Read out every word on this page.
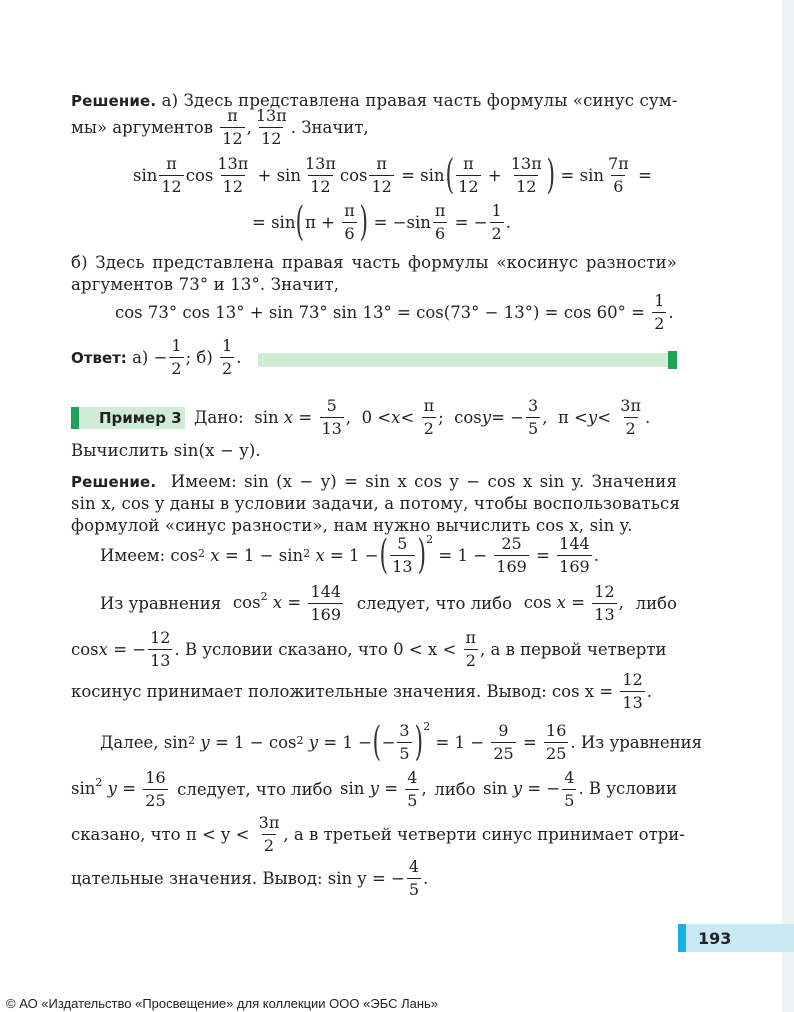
Решение. а) Здесь представлена правая часть формулы «синус сум-
мы» аргументов
$\frac{\pi}{12}$ , $\frac{13\pi}{12}$ . Значит,
$\sin \frac{\pi}{12}$ $\cos \frac{13\pi}{12} + \sin \frac{13\pi}{12}$ $\cos \frac{\pi}{12} = \sin$ ( $\frac{\pi}{12} + \frac{13\pi}{12}$ ) = $\sin \frac{7\pi}{6}$ =
= sin ( $\pi + \frac{\pi}{6}$ ) = $-\sin \frac{\pi}{6}$ = − $\frac{1}{2}$ .
б) Здесь представлена правая часть формулы «косинус разности»
аргументов 73° и 13°. Значит,
cos 73° cos 13° + sin 73° sin 13° = cos(73° − 13°) = cos 60° =
$\frac{1}{2}$ .
Ответ:
$а) - \frac{1}{2}$ ; б)
$\frac{1}{2}$ .
Пример 3 Дано: $\sin x = \frac{5}{13}$ ,  $0 < x < \frac{\pi}{2}$ ;  cos y = − $\frac{3}{5}$ ,  $\pi < y < \frac{3\pi}{2}$ .
Вычислить sin(x − y).
Решение. Имеем: sin (x − y) = sin x cos y − cos x sin y. Значения
sin x, cos y даны в условии задачи, а потому, чтобы воспользоваться
формулой «синус разности», нам нужно вычислить cos x, sin y.
Имеем: $\cos^2$
$x = 1 - \sin^2$
x = 1 − ( $\frac{5}{13} )^2$
= $1 - \frac{25}{169} = \frac{144}{169}$ .
Из уравнения $\cos^2 x = \frac{144}{169}$ следует, что либо $\cos x = \frac{12}{13}$ , либо
cos x = − $\frac{12}{13}$ . В условии сказано, что 0 < x <
$\frac{\pi}{2}$ , а в первой четверти
косинус принимает положительные значения. Вывод: cos x =
$\frac{12}{13}$ .
Далее, $\sin^2$
$y = 1 - \cos^2$
y = 1 − ( − $\frac{3}{5} )^2$
= $1 - \frac{9}{25} = \frac{16}{25}$ . Из уравнения
$\sin^2 y = \frac{16}{25}$ следует, что либо $\sin y = \frac{4}{5}$ , либо sin y = − $\frac{4}{5}$ . В условии
сказано, что π < y <
$\frac{3\pi}{2}$ , а в третьей четверти синус принимает отри-
цательные значения. Вывод: sin y = − $\frac{4}{5}$ .
193
© АО «Издательство «Просвещение» для коллекции ООО «ЭБС Лань»
